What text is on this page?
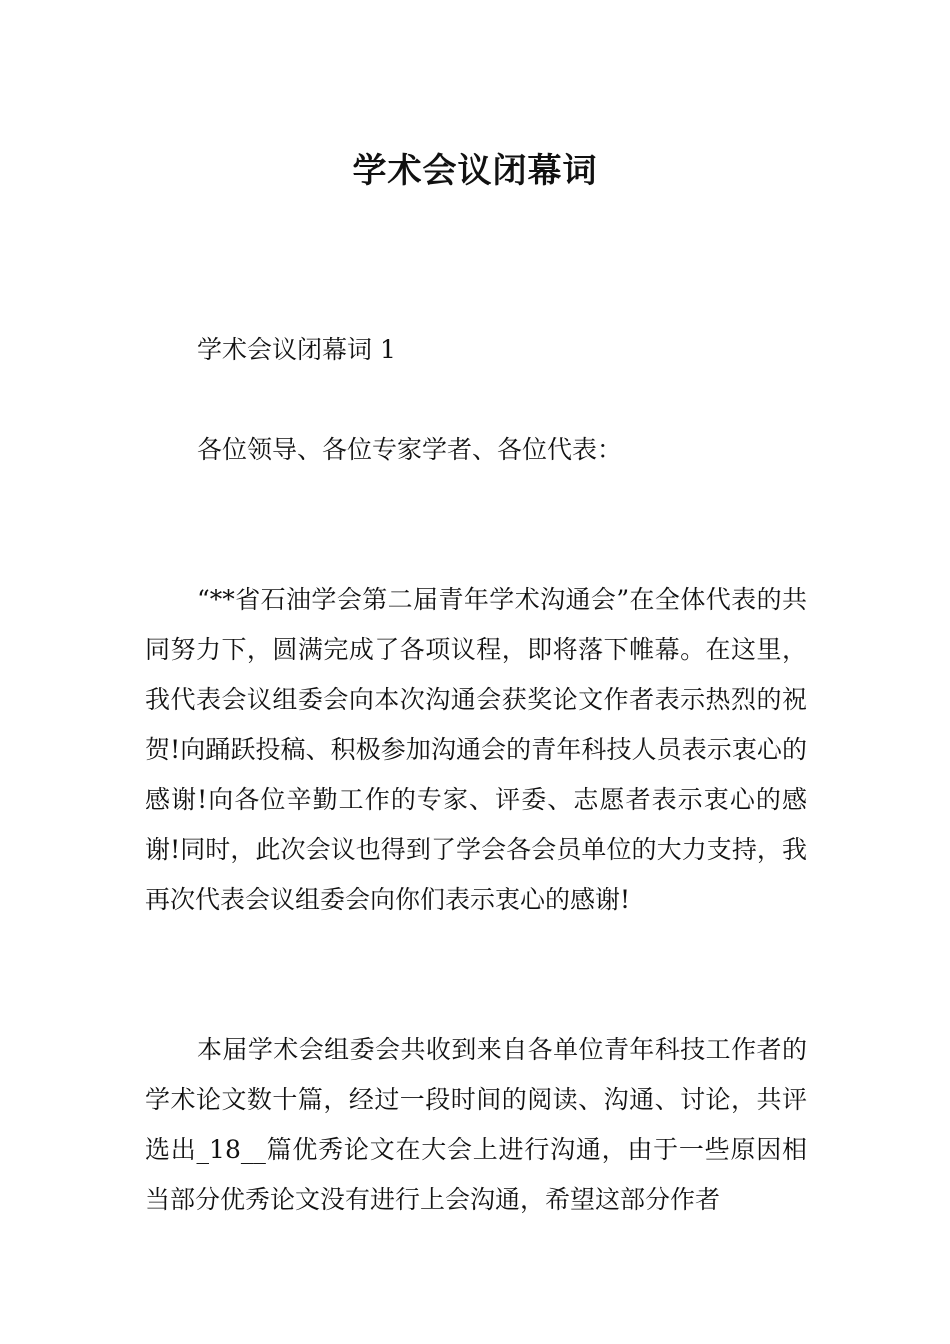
学术会议闭幕词

学术会议闭幕词 1

各位领导、各位专家学者、各位代表：

“**省石油学会第二届青年学术沟通会”在全体代表的共同努力下，圆满完成了各项议程，即将落下帷幕。在这里，我代表会议组委会向本次沟通会获奖论文作者表示热烈的祝贺!向踊跃投稿、积极参加沟通会的青年科技人员表示衷心的感谢!向各位辛勤工作的专家、评委、志愿者表示衷心的感谢!同时，此次会议也得到了学会各会员单位的大力支持，我再次代表会议组委会向你们表示衷心的感谢!

本届学术会组委会共收到来自各单位青年科技工作者的学术论文数十篇，经过一段时间的阅读、沟通、讨论，共评选出_18__篇优秀论文在大会上进行沟通，由于一些原因相当部分优秀论文没有进行上会沟通，希望这部分作者
